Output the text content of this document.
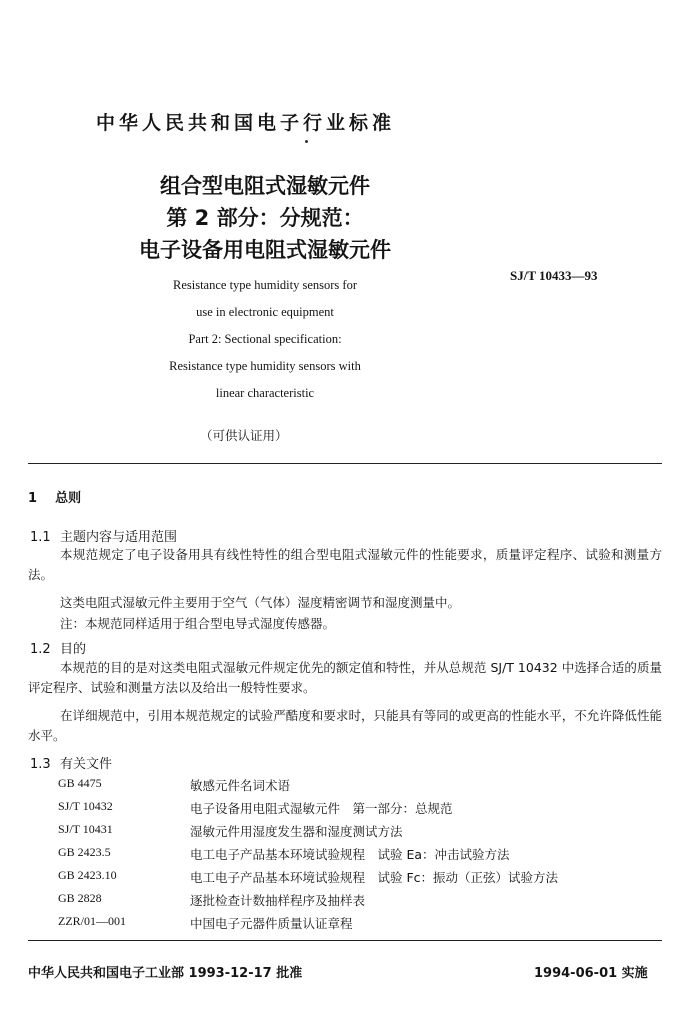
中华人民共和国电子行业标准
组合型电阻式湿敏元件
第 2 部分：分规范：
电子设备用电阻式湿敏元件
SJ/T 10433—93
Resistance type humidity sensors for
use in electronic equipment
Part 2: Sectional specification:
Resistance type humidity sensors with
linear characteristic
（可供认证用）
1 总则
1.1 主题内容与适用范围
本规范规定了电子设备用具有线性特性的组合型电阻式湿敏元件的性能要求，质量评定程序、试验和测量方法。
这类电阻式湿敏元件主要用于空气（气体）湿度精密调节和湿度测量中。
注：本规范同样适用于组合型电导式湿度传感器。
1.2 目的
本规范的目的是对这类电阻式湿敏元件规定优先的额定值和特性，并从总规范 SJ/T 10432 中选择合适的质量评定程序、试验和测量方法以及给出一般特性要求。
在详细规范中，引用本规范规定的试验严酷度和要求时，只能具有等同的或更高的性能水平，不允许降低性能水平。
1.3 有关文件
GB 4475	敏感元件名词术语
SJ/T 10432	电子设备用电阻式湿敏元件　第一部分：总规范
SJ/T 10431	湿敏元件用湿度发生器和湿度测试方法
GB 2423.5	电工电子产品基本环境试验规程　试验 Ea：冲击试验方法
GB 2423.10	电工电子产品基本环境试验规程　试验 Fc：振动（正弦）试验方法
GB 2828	逐批检查计数抽样程序及抽样表
ZZR/01—001	中国电子元器件质量认证章程
中华人民共和国电子工业部 1993-12-17 批准	1994-06-01 实施
